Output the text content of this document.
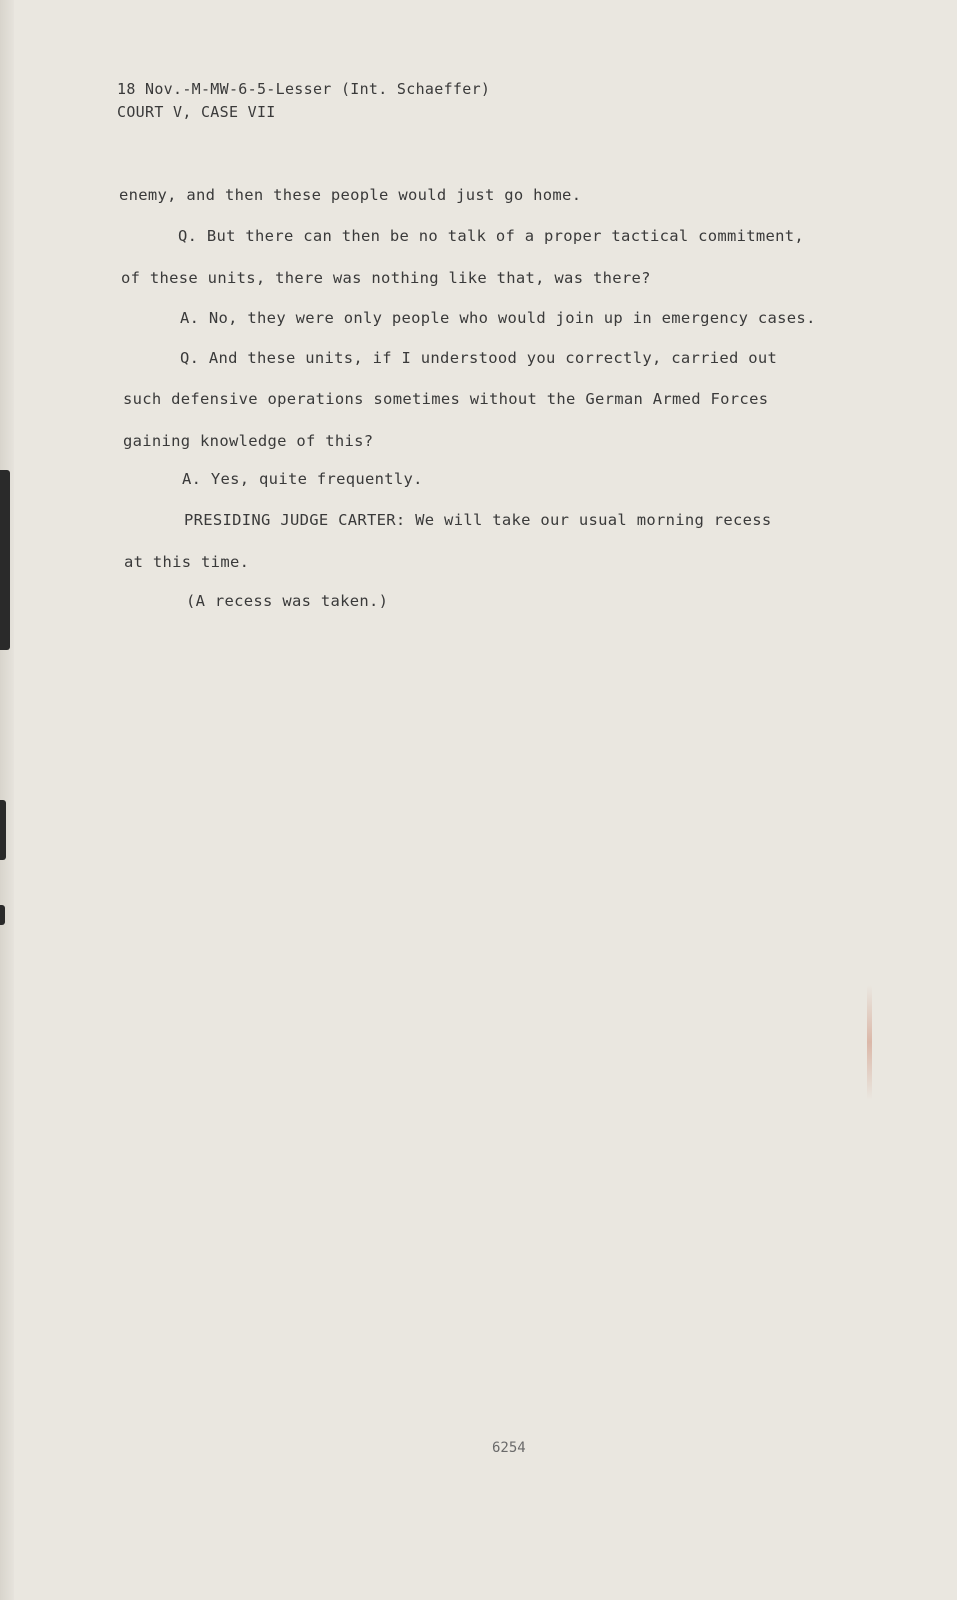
18 Nov.-M-MW-6-5-Lesser (Int. Schaeffer)
COURT V, CASE VII
enemy, and then these people would just go home.
Q. But there can then be no talk of a proper tactical commitment,
of these units, there was nothing like that, was there?
A. No, they were only people who would join up in emergency cases.
Q. And these units, if I understood you correctly, carried out
such defensive operations sometimes without the German Armed Forces
gaining knowledge of this?
A. Yes, quite frequently.
PRESIDING JUDGE CARTER: We will take our usual morning recess
at this time.
(A recess was taken.)
6254
